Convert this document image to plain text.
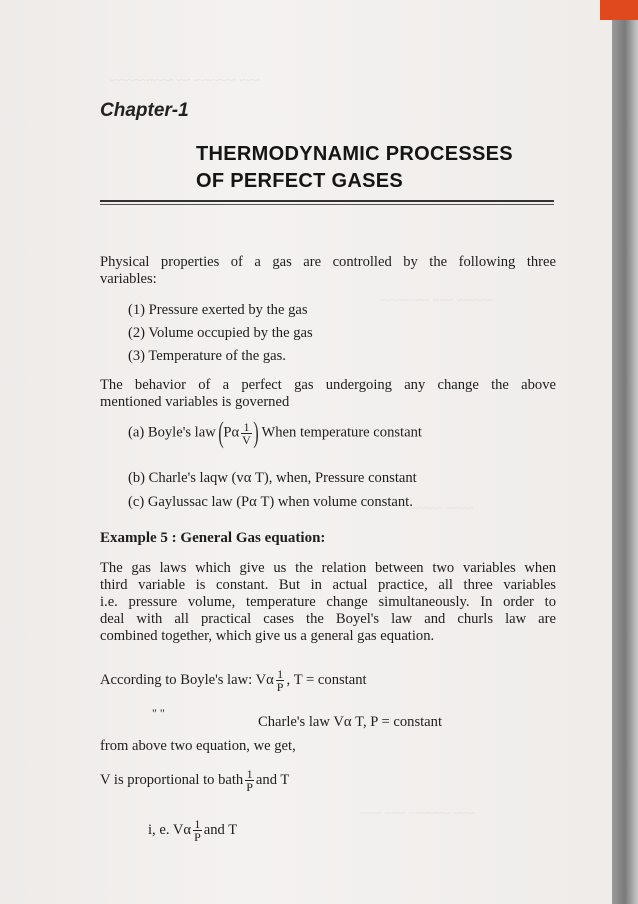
~~~ ~~~~~~ ~~ ~~~~~~~~~
~~~~~ ~~~ ~~~~~~~
~~~~ ~~~~~~
~~~ ~~~~~~ ~~~ ~~~
Chapter-1
THERMODYNAMIC PROCESSES
OF PERFECT GASES
Physical properties of a gas are controlled by the following three
variables:
(1) Pressure exerted by the gas
(2) Volume occupied by the gas
(3) Temperature of the gas.
The behavior of a perfect gas undergoing any change the above
mentioned variables is governed
(a) Boyle's law ($P\alpha \frac{1}{V}$ ) When temperature constant
(b) Charle's laqw (vα T), when, Pressure constant
(c) Gaylussac law (Pα T) when volume constant.
Example 5 : General Gas equation:
The gas laws which give us the relation between two variables when
third variable is constant. But in actual practice, all three variables
i.e. pressure volume, temperature change simultaneously. In order to
deal with all practical cases the Boyel's law and churls law are
combined together, which give us a general gas equation.
According to Boyle's law: Vα $\frac{1}{P}$ , T = constant
" "
Charle's law Vα T, P = constant
from above two equation, we get,
V is proportional to bath $\frac{1}{P}$ and T
i, e. Vα $\frac{1}{P}$ and T
